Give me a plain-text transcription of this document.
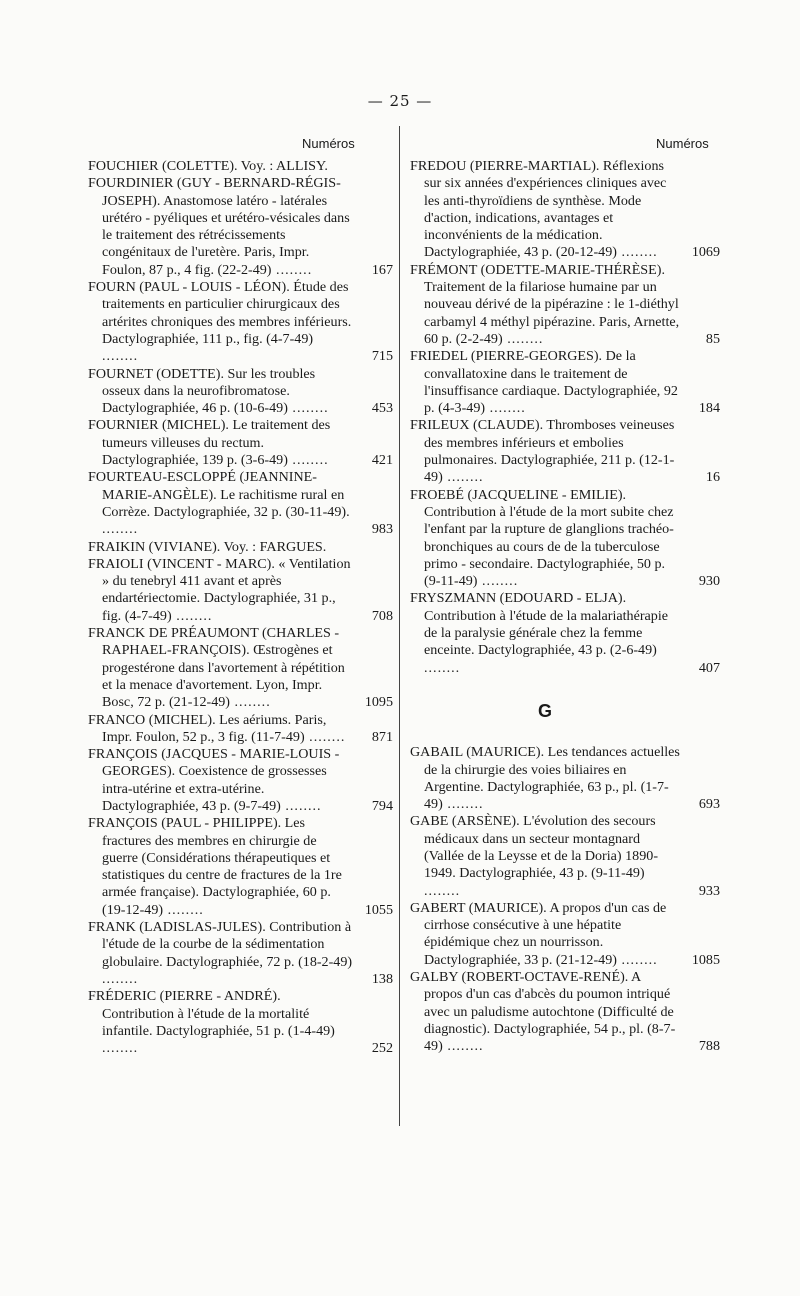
— 25 —
Numéros	Numéros
FOUCHIER (COLETTE). Voy. : ALLISY.
FOURDINIER (GUY - BERNARD-RÉGIS-JOSEPH). Anastomose latéro - latérales urétéro - pyéliques et urétéro-vésicales dans le traitement des rétrécissements congénitaux de l'uretère. Paris, Impr. Foulon, 87 p., 4 fig. (22-2-49) ........	167
FOURN (PAUL - LOUIS - LÉON). Étude des traitements en particulier chirurgicaux des artérites chroniques des membres inférieurs. Dactylographiée, 111 p., fig. (4-7-49) ........	715
FOURNET (ODETTE). Sur les troubles osseux dans la neurofibromatose. Dactylographiée, 46 p. (10-6-49) ........	453
FOURNIER (MICHEL). Le traitement des tumeurs villeuses du rectum. Dactylographiée, 139 p. (3-6-49) ........	421
FOURTEAU-ESCLOPPÉ (JEANNINE-MARIE-ANGÈLE). Le rachitisme rural en Corrèze. Dactylographiée, 32 p. (30-11-49). ........	983
FRAIKIN (VIVIANE). Voy. : FARGUES.
FRAIOLI (VINCENT - MARC). « Ventilation » du tenebryl 411 avant et après endartériectomie. Dactylographiée, 31 p., fig. (4-7-49) ........	708
FRANCK DE PRÉAUMONT (CHARLES - RAPHAEL-FRANÇOIS). Œstrogènes et progestérone dans l'avortement à répétition et la menace d'avortement. Lyon, Impr. Bosc, 72 p. (21-12-49) ........	1095
FRANCO (MICHEL). Les aériums. Paris, Impr. Foulon, 52 p., 3 fig. (11-7-49) ........ 871
FRANÇOIS (JACQUES - MARIE-LOUIS - GEORGES). Coexistence de grossesses intra-utérine et extra-utérine. Dactylographiée, 43 p. (9-7-49) ........	794
FRANÇOIS (PAUL - PHILIPPE). Les fractures des membres en chirurgie de guerre (Considérations thérapeutiques et statistiques du centre de fractures de la 1re armée française). Dactylographiée, 60 p. (19-12-49) ........	1055
FRANK (LADISLAS-JULES). Contribution à l'étude de la courbe de la sédimentation globulaire. Dactylographiée, 72 p. (18-2-49) ........	138
FRÉDERIC (PIERRE - ANDRÉ). Contribution à l'étude de la mortalité infantile. Dactylographiée, 51 p. (1-4-49) ........	252
FREDOU (PIERRE-MARTIAL). Réflexions sur six années d'expériences cliniques avec les anti-thyroïdiens de synthèse. Mode d'action, indications, avantages et inconvénients de la médication. Dactylographiée, 43 p. (20-12-49) ........ 1069
FRÉMONT (ODETTE-MARIE-THÉRÈSE). Traitement de la filariose humaine par un nouveau dérivé de la pipérazine : le 1-diéthyl carbamyl 4 méthyl pipérazine. Paris, Arnette, 60 p. (2-2-49) ........	85
FRIEDEL (PIERRE-GEORGES). De la convallatoxine dans le traitement de l'insuffisance cardiaque. Dactylographiée, 92 p. (4-3-49) ........	184
FRILEUX (CLAUDE). Thromboses veineuses des membres inférieurs et embolies pulmonaires. Dactylographiée, 211 p. (12-1-49) ........	16
FROEBÉ (JACQUELINE - EMILIE). Contribution à l'étude de la mort subite chez l'enfant par la rupture de glanglions trachéo-bronchiques au cours de de la tuberculose primo - secondaire. Dactylographiée, 50 p. (9-11-49) ........	930
FRYSZMANN (EDOUARD - ELJA). Contribution à l'étude de la malariathérapie de la paralysie générale chez la femme enceinte. Dactylographiée, 43 p. (2-6-49) ........	407
G
GABAIL (MAURICE). Les tendances actuelles de la chirurgie des voies biliaires en Argentine. Dactylographiée, 63 p., pl. (1-7-49) ........	693
GABE (ARSÈNE). L'évolution des secours médicaux dans un secteur montagnard (Vallée de la Leysse et de la Doria) 1890-1949. Dactylographiée, 43 p. (9-11-49) ........	933
GABERT (MAURICE). A propos d'un cas de cirrhose consécutive à une hépatite épidémique chez un nourrisson. Dactylographiée, 33 p. (21-12-49) ........ 1085
GALBY (ROBERT-OCTAVE-RENÉ). A propos d'un cas d'abcès du poumon intriqué avec un paludisme autochtone (Difficulté de diagnostic). Dactylographiée, 54 p., pl. (8-7-49) ........	788
